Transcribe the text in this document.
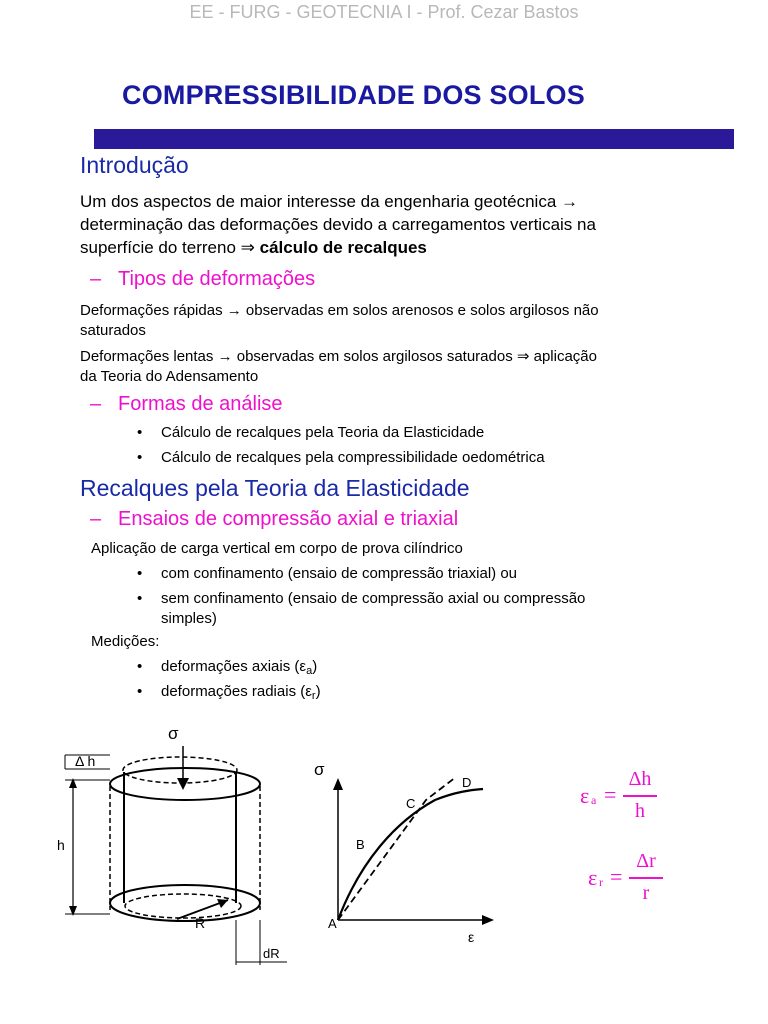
EE - FURG - GEOTECNIA I - Prof. Cezar Bastos
COMPRESSIBILIDADE DOS SOLOS
Introdução
Um dos aspectos de maior interesse da engenharia geotécnica →
determinação das deformações devido a carregamentos verticais na
superfície do terreno ⇒ cálculo de recalques
– Tipos de deformações
Deformações rápidas → observadas em solos arenosos e solos argilosos não
saturados
Deformações lentas → observadas em solos argilosos saturados ⇒ aplicação
da Teoria do Adensamento
– Formas de análise
• Cálculo de recalques pela Teoria da Elasticidade
• Cálculo de recalques pela compressibilidade oedométrica
Recalques pela Teoria da Elasticidade
– Ensaios de compressão axial e triaxial
Aplicação de carga vertical em corpo de prova cilíndrico
• com confinamento (ensaio de compressão triaxial) ou
• sem confinamento (ensaio de compressão axial ou compressão
simples)
Medições:
• deformações axiais $(\varepsilon_a)$
• deformações radiais $(\varepsilon_r)$
σ
R
Δ h
h
dR
σ
A
B
C
D
ε
ε a =
Δh
h
ε r =
Δr
r
